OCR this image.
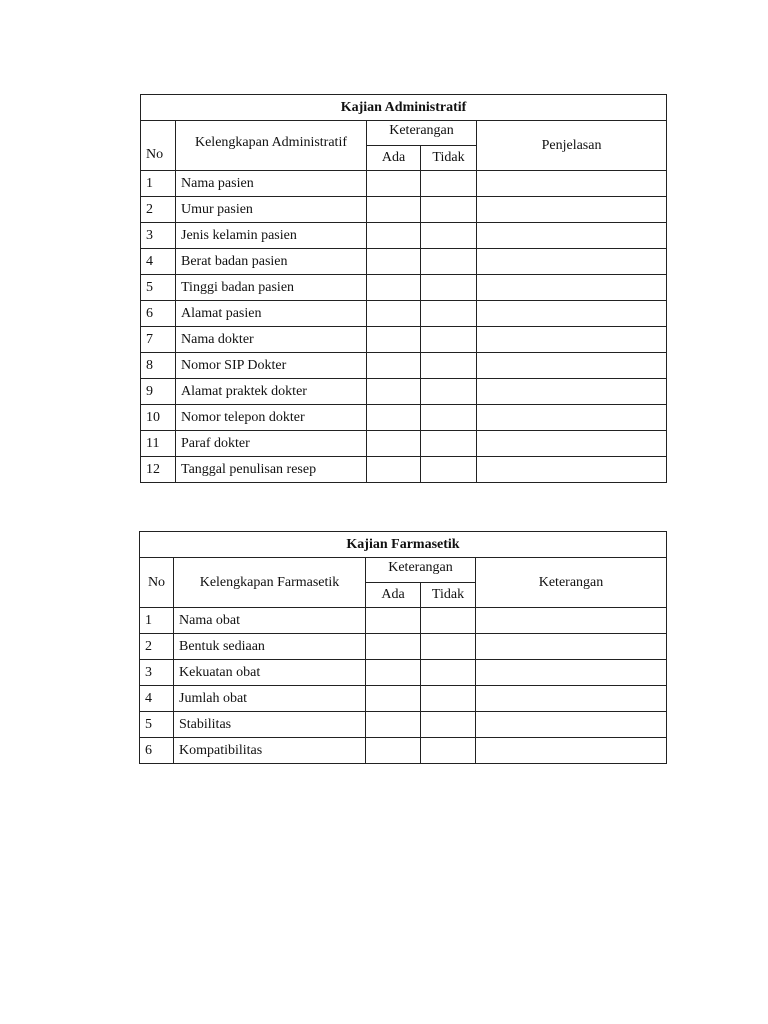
Kajian Administratif				
No	Kelengkapan Administratif	Keterangan		Penjelasan
		Ada	Tidak	
1	Nama pasien			
2	Umur pasien			
3	Jenis kelamin pasien			
4	Berat badan pasien			
5	Tinggi badan pasien			
6	Alamat pasien			
7	Nama dokter			
8	Nomor SIP Dokter			
9	Alamat praktek dokter			
10	Nomor telepon dokter			
11	Paraf dokter			
12	Tanggal penulisan resep			
Kajian Farmasetik				
No	Kelengkapan Farmasetik	Keterangan		Keterangan
		Ada	Tidak	
1	Nama obat			
2	Bentuk sediaan			
3	Kekuatan obat			
4	Jumlah obat			
5	Stabilitas			
6	Kompatibilitas			
